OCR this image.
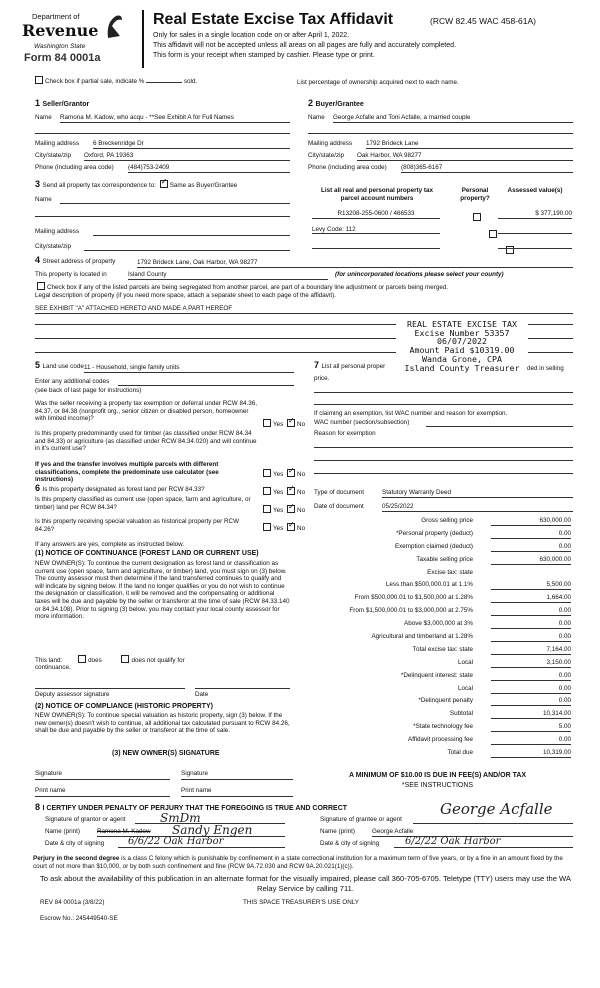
Department of
Revenue
Washington State
Form 84 0001a
Real Estate Excise Tax Affidavit	(RCW 82.45 WAC 458-61A)
Only for sales in a single location code on or after April 1, 2022.
This affidavit will not be accepted unless all areas on all pages are fully and accurately completed.
This form is your receipt when stamped by cashier. Please type or print.
Check box if partial sale, indicate %	sold.	List percentage of ownership acquired next to each name.
1 Seller/Grantor
Name Ramona M. Kadow, who acqu - **See Exhibit A for Full Names
Mailing address 6 Breckenridge Dr
City/state/zip Oxford, PA 19363
Phone (including area code) (484)753-2409
2 Buyer/Grantee
Name George Acfalle and Toni Acfalle, a married couple
Mailing address 1792 Brideck Lane
City/state/zip Oak Harbor, WA 98277
Phone (including area code) (808)365-6167
3 Send all property tax correspondence to: ✓ Same as Buyer/Grantee
Name
Mailing address
City/state/zip
List all real and personal property tax parcel account numbers
Personal property?
Assessed value(s)
R13208-255-0600 / 466533
	$ 377,190.00
Levy Code: 112

4 Street address of property	1792 Brideck Lane, Oak Harbor, WA 98277
This property is located in	Island County	(for unincorporated locations please select your county)
Check box if any of the listed parcels are being segregated from another parcel, are part of a boundary line adjustment or parcels being merged.
Legal description of property (if you need more space, attach a separate sheet to each page of the affidavit).
SEE EXHIBIT "A" ATTACHED HERETO AND MADE A PART HEREOF
REAL ESTATE EXCISE TAX
Excise Number 53357
06/07/2022
Amount Paid $10319.00
Wanda Grone, CPA
Island County Treasurer
5 Land use code 11 - Household, single family units
Enter any additional codes
(see back of last page for instructions)
Was the seller receiving a property tax exemption or deferral under RCW 84.36, 84.37, or 84.38 (nonprofit org., senior citizen or disabled person, homeowner with limited income)?
Yes ✓ No
Is this property predominantly used for timber (as classified under RCW 84.34 and 84.33) or agriculture (as classified under RCW 84.34.020) and will continue in it's current use?
If yes and the transfer involves multiple parcels with different classifications, complete the predominate use calculator (see instructions)
Yes ✓ No
7 List all personal proper	ded in selling
price.
If claiming an exemption, list WAC number and reason for exemption.
WAC number (section/subsection)
Reason for exemption
6 Is this property designated as forest land per RCW 84.33?	Yes ✓ No
Is this property classified as current use (open space, farm and agriculture, or timber) land per RCW 84.34?	Yes ✓ No
Is this property receiving special valuation as historical property per RCW 84.26?	Yes ✓ No
If any answers are yes, complete as instructed below.
(1) NOTICE OF CONTINUANCE (FOREST LAND OR CURRENT USE)
NEW OWNER(S): To continue the current designation as forest land or classification as current use (open space, farm and agriculture, or timber) land, you must sign on (3) below. The county assessor must then determine if the land transferred continues to qualify and will indicate by signing below. If the land no longer qualifies or you do not wish to continue the designation or classification, it will be removed and the compensating or additional taxes will be due and payable by the seller or transferor at the time of sale (RCW 84.33.140 or 84.34.108). Prior to signing (3) below, you may contact your local county assessor for more information.
This land:	does	does not qualify for
continuance.
Deputy assessor signature	Date
(2) NOTICE OF COMPLIANCE (HISTORIC PROPERTY)
NEW OWNER(S): To continue special valuation as historic property, sign (3) below. If the new owner(s) doesn't wish to continue, all additional tax calculated pursuant to RCW 84.26, shall be due and payable by the seller or transferor at the time of sale.
(3) NEW OWNER(S) SIGNATURE
Signature	Signature
Print name	Print name
Type of document	Statutory Warranty Deed
Date of document	05/25/2022
Gross selling price	630,000.00
*Personal property (deduct)	0.00
Exemption claimed (deduct)	0.00
Taxable selling price	630,000.00
Excise tax: state
Less than $500,000.01 at 1.1%	5,500.00
From $500,000.01 to $1,500,000 at 1.28%	1,664.00
From $1,500,000.01 to $3,000,000 at 2.75%	0.00
Above $3,000,000 at 3%	0.00
Agricultural and timberland at 1.28%	0.00
Total excise tax: state	7,164.00
Local	3,150.00
*Delinquent interest: state	0.00
Local	0.00
*Delinquent penalty	0.00
Subtotal	10,314.00
*State technology fee	5.00
Affidavit processing fee	0.00
Total due	10,319.00
A MINIMUM OF $10.00 IS DUE IN FEE(S) AND/OR TAX
*SEE INSTRUCTIONS
8 I CERTIFY UNDER PENALTY OF PERJURY THAT THE FOREGOING IS TRUE AND CORRECT
Signature of grantor or agent	SmDm
Name (print)	Ramona M. Kadow	Sandy Engen
Date & city of signing 6/6/22 Oak Harbor
Signature of grantee or agent
George Acfalle
Name (print)	George Acfalle
Date & city of signing	6/2/22 Oak Harbor
Perjury in the second degree is a class C felony which is punishable by confinement in a state correctional institution for a maximum term of five years, or by a fine in an amount fixed by the court of not more than $10,000, or by both such confinement and fine (RCW 9A.72.030 and RCW 9A.20.021(1)(c)).
To ask about the availability of this publication in an alternate format for the visually impaired, please call 360-705-6705. Teletype (TTY) users may use the WA Relay Service by calling 711.
REV 84 0001a (3/8/22)	THIS SPACE TREASURER'S USE ONLY
Escrow No.: 245449540-SE
